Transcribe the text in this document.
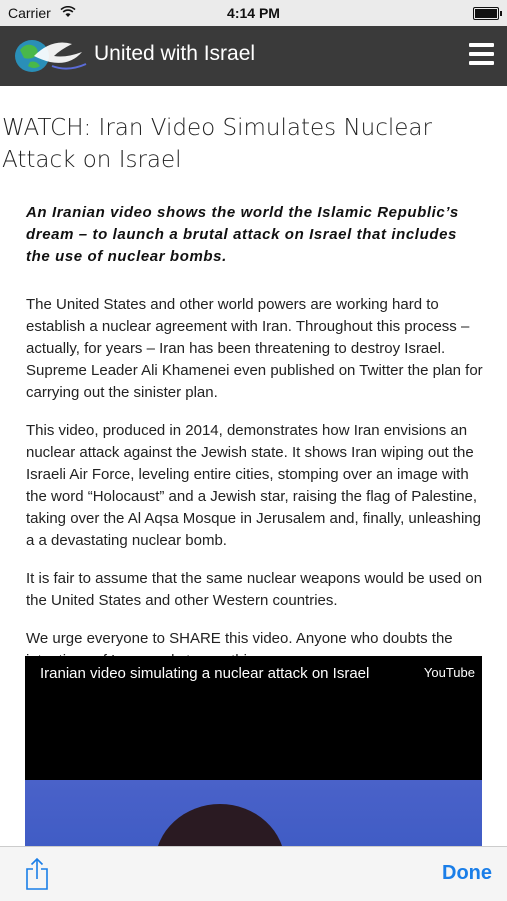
Carrier	4:14 PM
United with Israel
WATCH: Iran Video Simulates Nuclear Attack on Israel

An Iranian video shows the world the Islamic Republic’s dream – to launch a brutal attack on Israel that includes the use of nuclear bombs.

The United States and other world powers are working hard to establish a nuclear agreement with Iran. Throughout this process – actually, for years – Iran has been threatening to destroy Israel. Supreme Leader Ali Khamenei even published on Twitter the plan for carrying out the sinister plan.

This video, produced in 2014, demonstrates how Iran envisions an nuclear attack against the Jewish state. It shows Iran wiping out the Israeli Air Force, leveling entire cities, stomping over an image with the word “Holocaust” and a Jewish star, raising the flag of Palestine, taking over the Al Aqsa Mosque in Jerusalem and, finally, unleashing a a devastating nuclear bomb.

It is fair to assume that the same nuclear weapons would be used on the United States and other Western countries.

We urge everyone to SHARE this video. Anyone who doubts the

Iranian video simulating a nuclear attack on Israel	YouTube
Done
